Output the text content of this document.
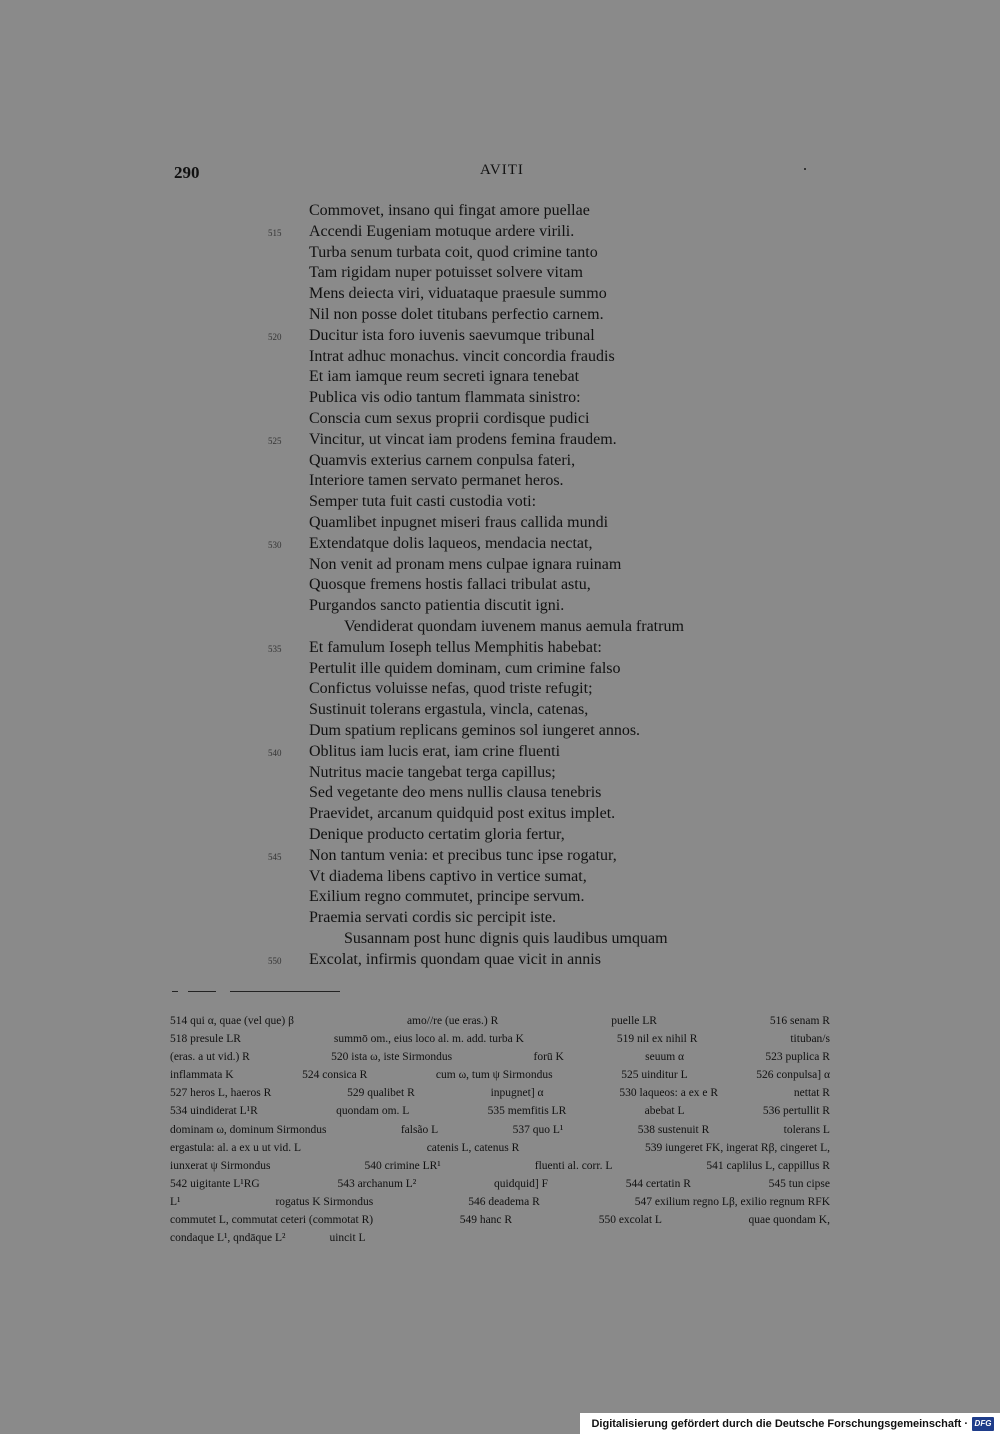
290	AVITI
Commovet, insano qui fingat amore puellae
515 Accendi Eugeniam motuque ardere virili.
Turba senum turbata coit, quod crimine tanto
Tam rigidam nuper potuisset solvere vitam
Mens deiecta viri, viduataque praesule summo
Nil non posse dolet titubans perfectio carnem.
520 Ducitur ista foro iuvenis saevumque tribunal
Intrat adhuc monachus. vincit concordia fraudis
Et iam iamque reum secreti ignara tenebat
Publica vis odio tantum flammata sinistro:
Conscia cum sexus proprii cordisque pudici
525 Vincitur, ut vincat iam prodens femina fraudem.
Quamvis exterius carnem conpulsa fateri,
Interiore tamen servato permanet heros.
Semper tuta fuit casti custodia voti:
Quamlibet inpugnet miseri fraus callida mundi
530 Extendatque dolis laqueos, mendacia nectat,
Non venit ad pronam mens culpae ignara ruinam
Quosque fremens hostis fallaci tribulat astu,
Purgandos sancto patientia discutit igni.
Vendiderat quondam iuvenem manus aemula fratrum
535 Et famulum Ioseph tellus Memphitis habebat:
Pertulit ille quidem dominam, cum crimine falso
Confictus voluisse nefas, quod triste refugit;
Sustinuit tolerans ergastula, vincla, catenas,
Dum spatium replicans geminos sol iungeret annos.
540 Oblitus iam lucis erat, iam crine fluenti
Nutritus macie tangebat terga capillus;
Sed vegetante deo mens nullis clausa tenebris
Praevidet, arcanum quidquid post exitus implet.
Denique producto certatim gloria fertur,
545 Non tantum venia: et precibus tunc ipse rogatur,
Vt diadema libens captivo in vertice sumat,
Exilium regno commutet, principe servum.
Praemia servati cordis sic percipit iste.
Susannam post hunc dignis quis laudibus umquam
550 Excolat, infirmis quondam quae vicit in annis
514 qui α, quae (vel que) β	amo//re (ue eras.) R	puelle LR	516 senam R
518 presule LR	summō om., eius loco al. m. add. turba K	519 nil ex nihil R	tituban/s
(eras. a ut vid.) R	520 ista ω, iste Sirmondus	forū K	seuum α	523 puplica R
inflammata K	524 consica R	cum ω, tum ψ Sirmondus	525 uinditur L	526 conpulsa] α
527 heros L, haeros R	529 qualibet R	inpugnet] α	530 laqueos: a ex e R	nettat R
534 uindiderat L¹R	quondam om. L	535 memfitis LR	abebat L	536 pertullit R
dominam ω, dominum Sirmondus	falsão L	537 quo L¹	538 sustenuit R	tolerans L
ergastula: al. a ex u ut vid. L	catenis L, catenus R	539 iungeret FK, ingerat Rβ, cingeret L,
iunxerat ψ Sirmondus	540 crimine LR¹	fluenti al. corr. L	541 caplilus L, cappillus R
542 uigitante L¹RG	543 archanum L²	quidquid] F	544 certatin R	545 tun cipse
L¹	rogatus K Sirmondus	546 deadema R	547 exilium regno Lβ, exilio regnum RFK
commutet L, commutat ceteri (commotat R)	549 hanc R	550 excolat L	quae quondam K,
condaque L¹, qndāque L²	uincit L
Digitalisierung gefördert durch die Deutsche Forschungsgemeinschaft · DFG
